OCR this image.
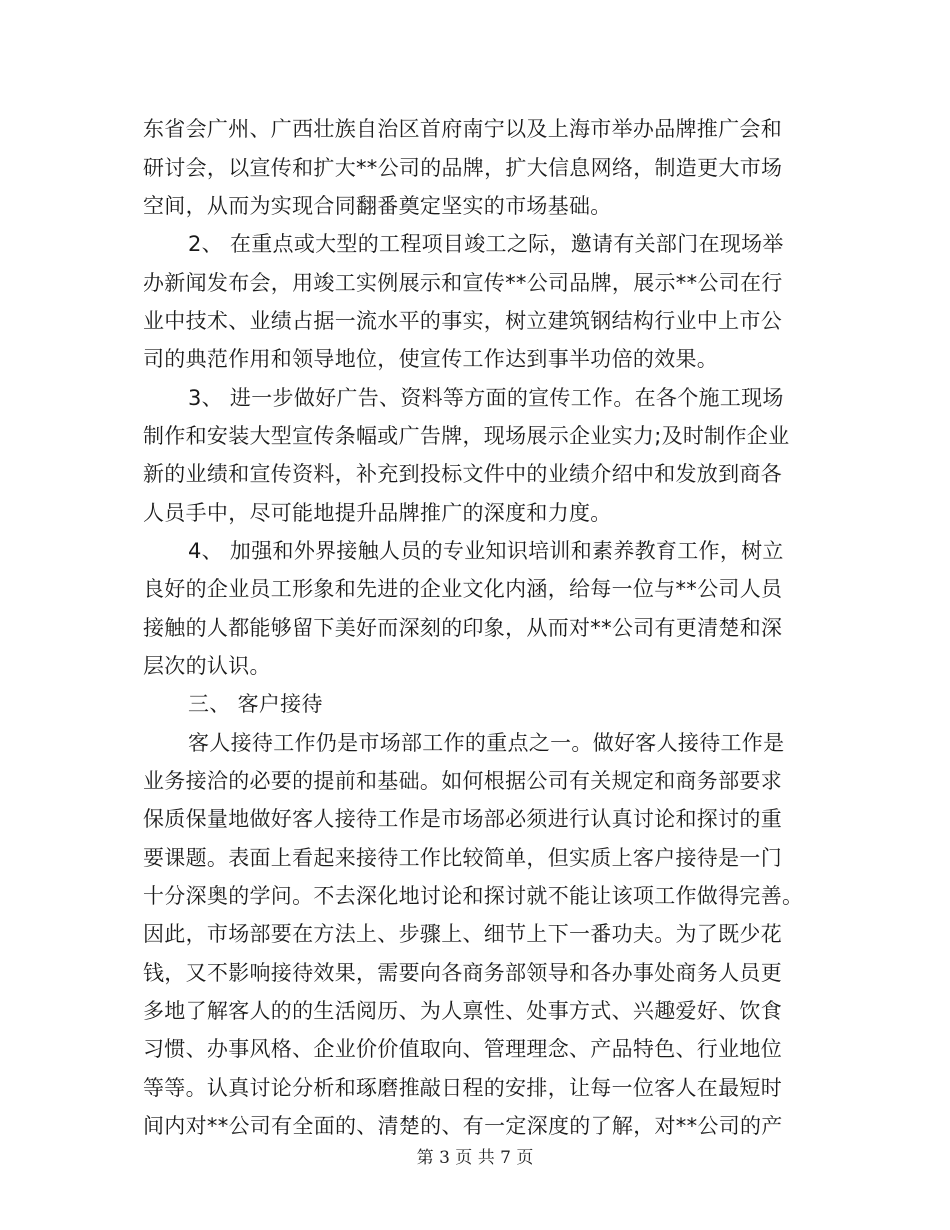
东省会广州、广西壮族自治区首府南宁以及上海市举办品牌推广会和
研讨会，以宣传和扩大**公司的品牌，扩大信息网络，制造更大市场
空间，从而为实现合同翻番奠定坚实的市场基础。
2、 在重点或大型的工程项目竣工之际，邀请有关部门在现场举
办新闻发布会，用竣工实例展示和宣传**公司品牌，展示**公司在行
业中技术、业绩占据一流水平的事实，树立建筑钢结构行业中上市公
司的典范作用和领导地位，使宣传工作达到事半功倍的效果。
3、 进一步做好广告、资料等方面的宣传工作。在各个施工现场
制作和安装大型宣传条幅或广告牌，现场展示企业实力;及时制作企业
新的业绩和宣传资料，补充到投标文件中的业绩介绍中和发放到商各
人员手中，尽可能地提升品牌推广的深度和力度。
4、 加强和外界接触人员的专业知识培训和素养教育工作，树立
良好的企业员工形象和先进的企业文化内涵，给每一位与**公司人员
接触的人都能够留下美好而深刻的印象，从而对**公司有更清楚和深
层次的认识。
三、 客户接待
客人接待工作仍是市场部工作的重点之一。做好客人接待工作是
业务接洽的必要的提前和基础。如何根据公司有关规定和商务部要求
保质保量地做好客人接待工作是市场部必须进行认真讨论和探讨的重
要课题。表面上看起来接待工作比较简单，但实质上客户接待是一门
十分深奥的学问。不去深化地讨论和探讨就不能让该项工作做得完善。
因此，市场部要在方法上、步骤上、细节上下一番功夫。为了既少花
钱，又不影响接待效果，需要向各商务部领导和各办事处商务人员更
多地了解客人的的生活阅历、为人禀性、处事方式、兴趣爱好、饮食
习惯、办事风格、企业价价值取向、管理理念、产品特色、行业地位
等等。认真讨论分析和琢磨推敲日程的安排，让每一位客人在最短时
间内对**公司有全面的、清楚的、有一定深度的了解，对**公司的产
第 3 页 共 7 页
